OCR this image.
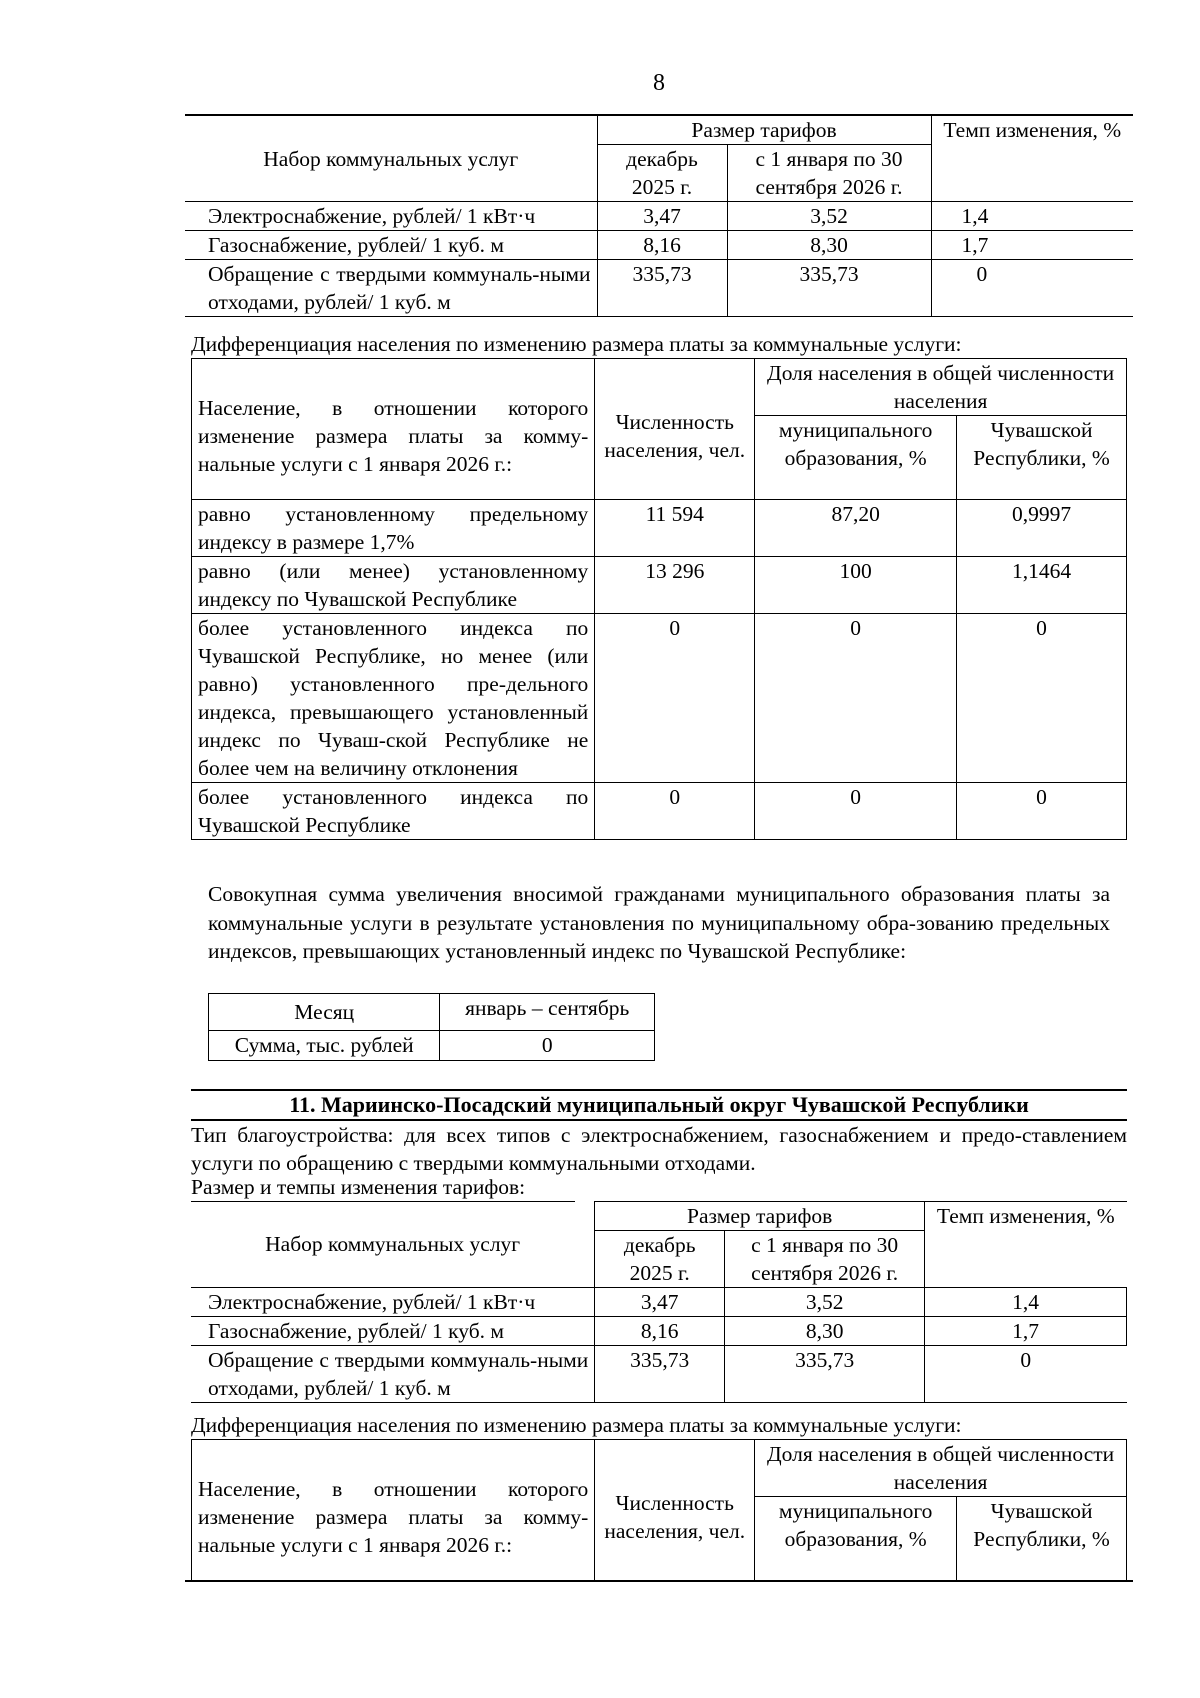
8
Набор коммунальных услуг	Размер тарифов		Темп изменения, %
	декабрь 2025 г.	с 1 января по 30 сентября 2026 г.	
Электроснабжение, рублей/ 1 кВт·ч	3,47	3,52	1,4
Газоснабжение, рублей/ 1 куб. м	8,16	8,30	1,7
Обращение с твердыми коммуналь-ными отходами, рублей/ 1 куб. м	335,73	335,73	0
Дифференциация населения по изменению размера платы за коммунальные услуги:
Население, в отношении которого изменение размера платы за комму-нальные услуги с 1 января 2026 г.:	Численность населения, чел.	Доля населения в общей численности населения	
		муниципального образования, %	Чувашской Республики, %
равно установленному предельному индексу в размере 1,7%	11 594	87,20	0,9997
равно (или менее) установленному индексу по Чувашской Республике	13 296	100	1,1464
более установленного индекса по Чувашской Республике, но менее (или равно) установленного пре-дельного индекса, превышающего установленный индекс по Чуваш-ской Республике не более чем на величину отклонения	0	0	0
более установленного индекса по Чувашской Республике	0	0	0
Совокупная сумма увеличения вносимой гражданами муниципального образования платы за коммунальные услуги в результате установления по муниципальному обра-зованию предельных индексов, превышающих установленный индекс по Чувашской Республике:
Месяц	январь – сентябрь
Сумма, тыс. рублей	0
11. Мариинско-Посадский муниципальный округ Чувашской Республики
Тип благоустройства: для всех типов с электроснабжением, газоснабжением и предо-ставлением услуги по обращению с твердыми коммунальными отходами.
Размер и темпы изменения тарифов:
Набор коммунальных услуг	Размер тарифов		Темп изменения, %
	декабрь 2025 г.	с 1 января по 30 сентября 2026 г.	
Электроснабжение, рублей/ 1 кВт·ч	3,47	3,52	1,4
Газоснабжение, рублей/ 1 куб. м	8,16	8,30	1,7
Обращение с твердыми коммуналь-ными отходами, рублей/ 1 куб. м	335,73	335,73	0
Дифференциация населения по изменению размера платы за коммунальные услуги:
Население, в отношении которого изменение размера платы за комму-нальные услуги с 1 января 2026 г.:	Численность населения, чел.	Доля населения в общей численности населения	
		муниципального образования, %	Чувашской Республики, %
